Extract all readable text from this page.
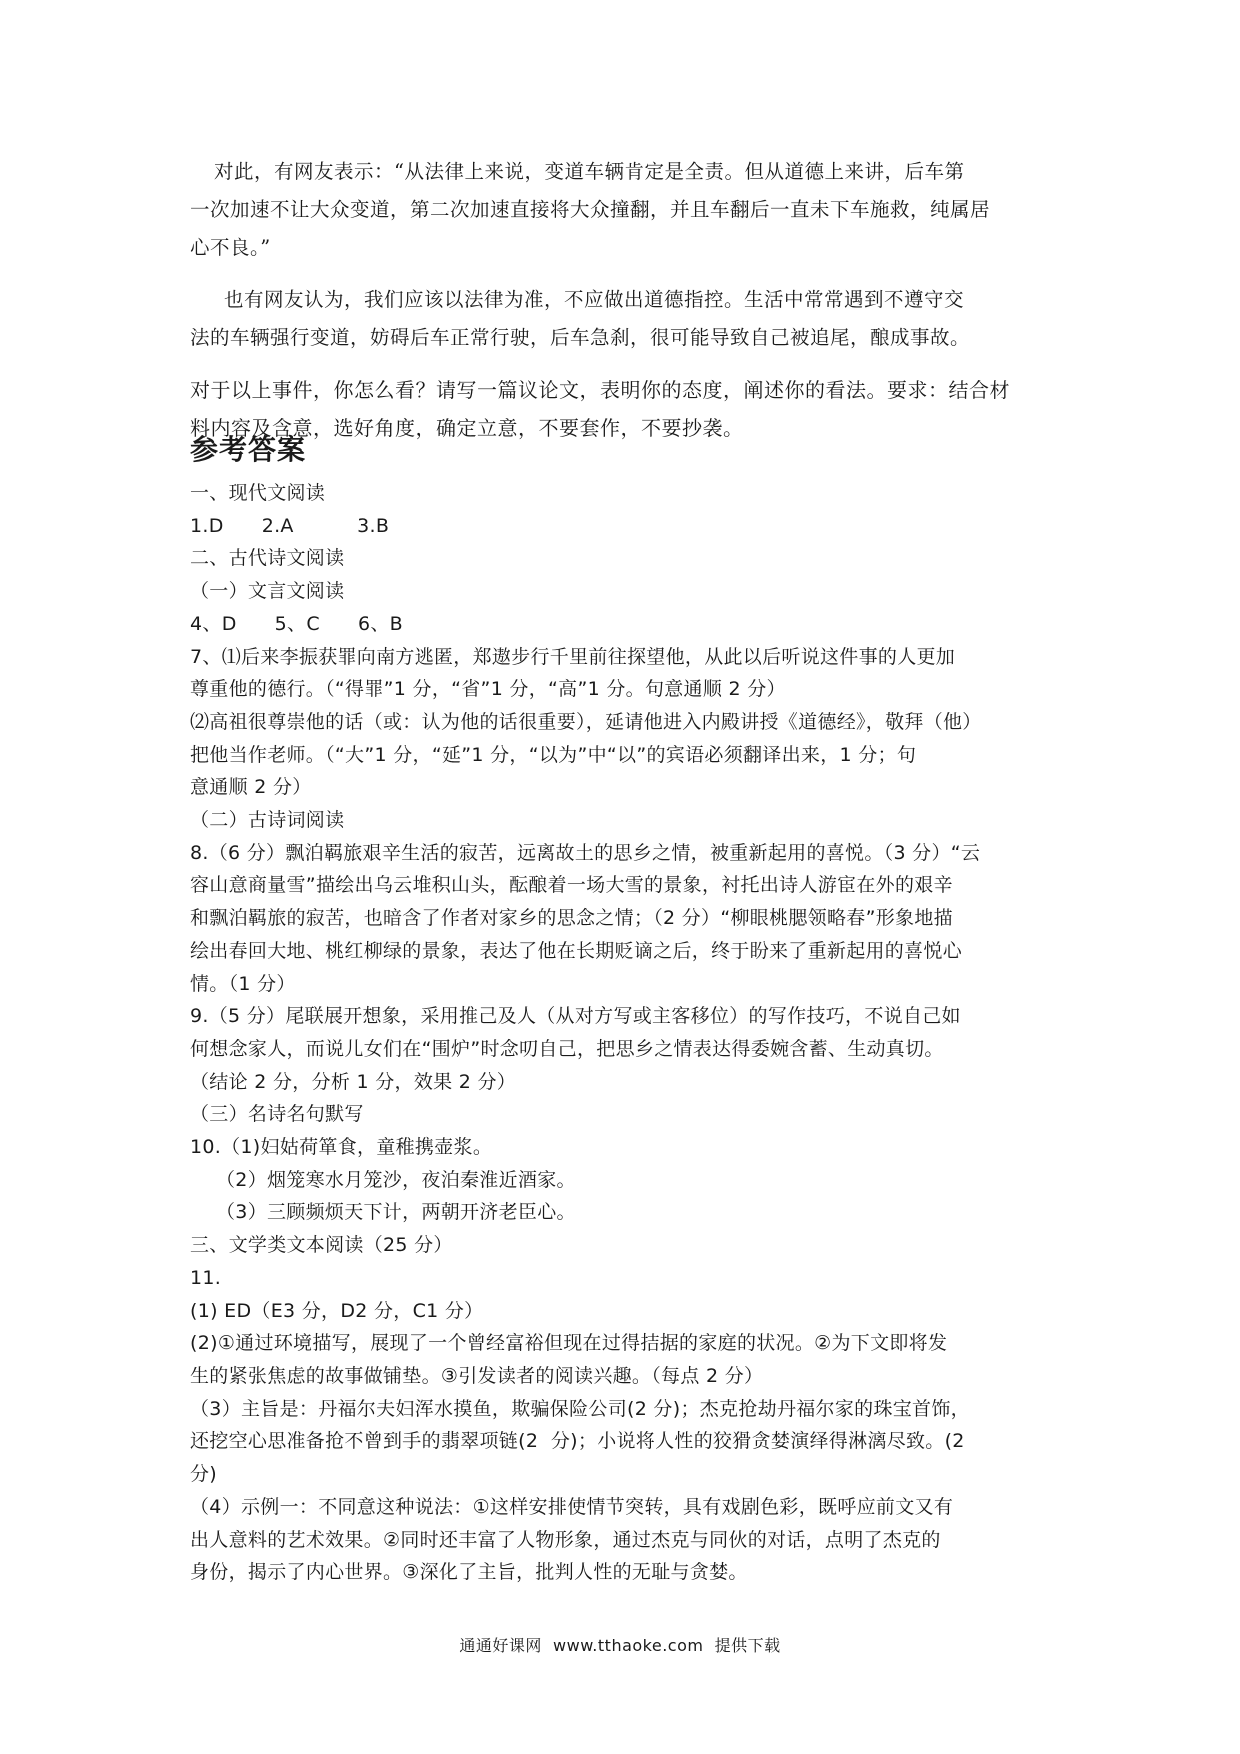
对此，有网友表示：“从法律上来说，变道车辆肯定是全责。但从道德上来讲，后车第
一次加速不让大众变道，第二次加速直接将大众撞翻，并且车翻后一直未下车施救，纯属居
心不良。”

也有网友认为，我们应该以法律为准，不应做出道德指控。生活中常常遇到不遵守交
法的车辆强行变道，妨碍后车正常行驶，后车急刹，很可能导致自己被追尾，酿成事故。

对于以上事件，你怎么看？请写一篇议论文，表明你的态度，阐述你的看法。要求：结合材
料内容及含意，选好角度，确定立意，不要套作，不要抄袭。

参考答案
一、现代文阅读
1.D      2.A          3.B
二、古代诗文阅读
（一）文言文阅读
4、D      5、C      6、B
7、⑴后来李振获罪向南方逃匿，郑遨步行千里前往探望他，从此以后听说这件事的人更加
尊重他的德行。（“得罪”1 分，“省”1 分，“高”1 分。句意通顺 2 分）
⑵高祖很尊崇他的话（或：认为他的话很重要），延请他进入内殿讲授《道德经》，敬拜（他）
把他当作老师。（“大”1 分，“延”1 分，“以为”中“以”的宾语必须翻译出来，1 分；句
意通顺 2 分）
（二）古诗词阅读
8.（6 分）飘泊羁旅艰辛生活的寂苦，远离故土的思乡之情，被重新起用的喜悦。（3 分）“云
容山意商量雪”描绘出乌云堆积山头，酝酿着一场大雪的景象，衬托出诗人游宦在外的艰辛
和飘泊羁旅的寂苦，也暗含了作者对家乡的思念之情；（2 分）“柳眼桃腮领略春”形象地描
绘出春回大地、桃红柳绿的景象，表达了他在长期贬谪之后，终于盼来了重新起用的喜悦心
情。（1 分）
9.（5 分）尾联展开想象，采用推己及人（从对方写或主客移位）的写作技巧，不说自己如
何想念家人，而说儿女们在“围炉”时念叨自己，把思乡之情表达得委婉含蓄、生动真切。
（结论 2 分，分析 1 分，效果 2 分）
（三）名诗名句默写
10.（1)妇姑荷箪食，童稚携壶浆。
（2）烟笼寒水月笼沙，夜泊秦淮近酒家。
（3）三顾频烦天下计，两朝开济老臣心。
三、文学类文本阅读（25 分）
11.
(1) ED（E3 分，D2 分，C1 分）
(2)①通过环境描写，展现了一个曾经富裕但现在过得拮据的家庭的状况。②为下文即将发
生的紧张焦虑的故事做铺垫。③引发读者的阅读兴趣。（每点 2 分）
（3）主旨是：丹福尔夫妇浑水摸鱼，欺骗保险公司(2 分)；杰克抢劫丹福尔家的珠宝首饰，
还挖空心思准备抢不曾到手的翡翠项链(2  分)；小说将人性的狡猾贪婪演绎得淋漓尽致。(2
分)
（4）示例一：不同意这种说法：①这样安排使情节突转，具有戏剧色彩，既呼应前文又有
出人意料的艺术效果。②同时还丰富了人物形象，通过杰克与同伙的对话，点明了杰克的
身份，揭示了内心世界。③深化了主旨，批判人性的无耻与贪婪。
通通好课网  www.tthaoke.com  提供下载
